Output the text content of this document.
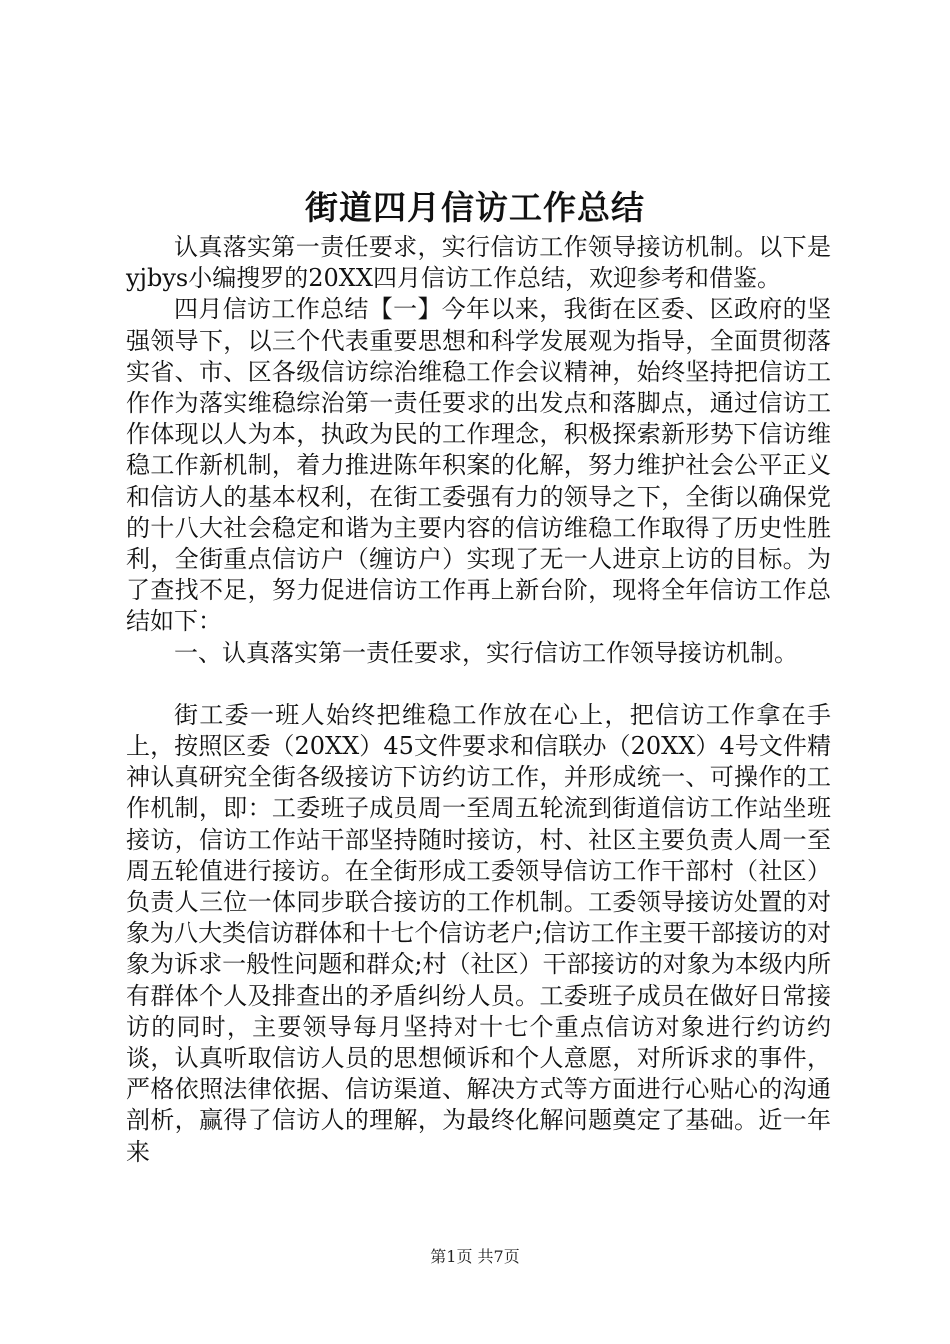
街道四月信访工作总结

认真落实第一责任要求，实行信访工作领导接访机制。以下是yjbys小编搜罗的20XX四月信访工作总结，欢迎参考和借鉴。

四月信访工作总结【一】今年以来，我街在区委、区政府的坚强领导下，以三个代表重要思想和科学发展观为指导，全面贯彻落实省、市、区各级信访综治维稳工作会议精神，始终坚持把信访工作作为落实维稳综治第一责任要求的出发点和落脚点，通过信访工作体现以人为本，执政为民的工作理念，积极探索新形势下信访维稳工作新机制，着力推进陈年积案的化解，努力维护社会公平正义和信访人的基本权利，在街工委强有力的领导之下，全街以确保党的十八大社会稳定和谐为主要内容的信访维稳工作取得了历史性胜利，全街重点信访户（缠访户）实现了无一人进京上访的目标。为了查找不足，努力促进信访工作再上新台阶，现将全年信访工作总结如下：

一、认真落实第一责任要求，实行信访工作领导接访机制。

街工委一班人始终把维稳工作放在心上，把信访工作拿在手上，按照区委（20XX）45文件要求和信联办（20XX）4号文件精神认真研究全街各级接访下访约访工作，并形成统一、可操作的工作机制，即：工委班子成员周一至周五轮流到街道信访工作站坐班接访，信访工作站干部坚持随时接访，村、社区主要负责人周一至周五轮值进行接访。在全街形成工委领导信访工作干部村（社区）负责人三位一体同步联合接访的工作机制。工委领导接访处置的对象为八大类信访群体和十七个信访老户;信访工作主要干部接访的对象为诉求一般性问题和群众;村（社区）干部接访的对象为本级内所有群体个人及排查出的矛盾纠纷人员。工委班子成员在做好日常接访的同时，主要领导每月坚持对十七个重点信访对象进行约访约谈，认真听取信访人员的思想倾诉和个人意愿，对所诉求的事件，严格依照法律依据、信访渠道、解决方式等方面进行心贴心的沟通剖析，赢得了信访人的理解，为最终化解问题奠定了基础。近一年来

第1页 共7页
